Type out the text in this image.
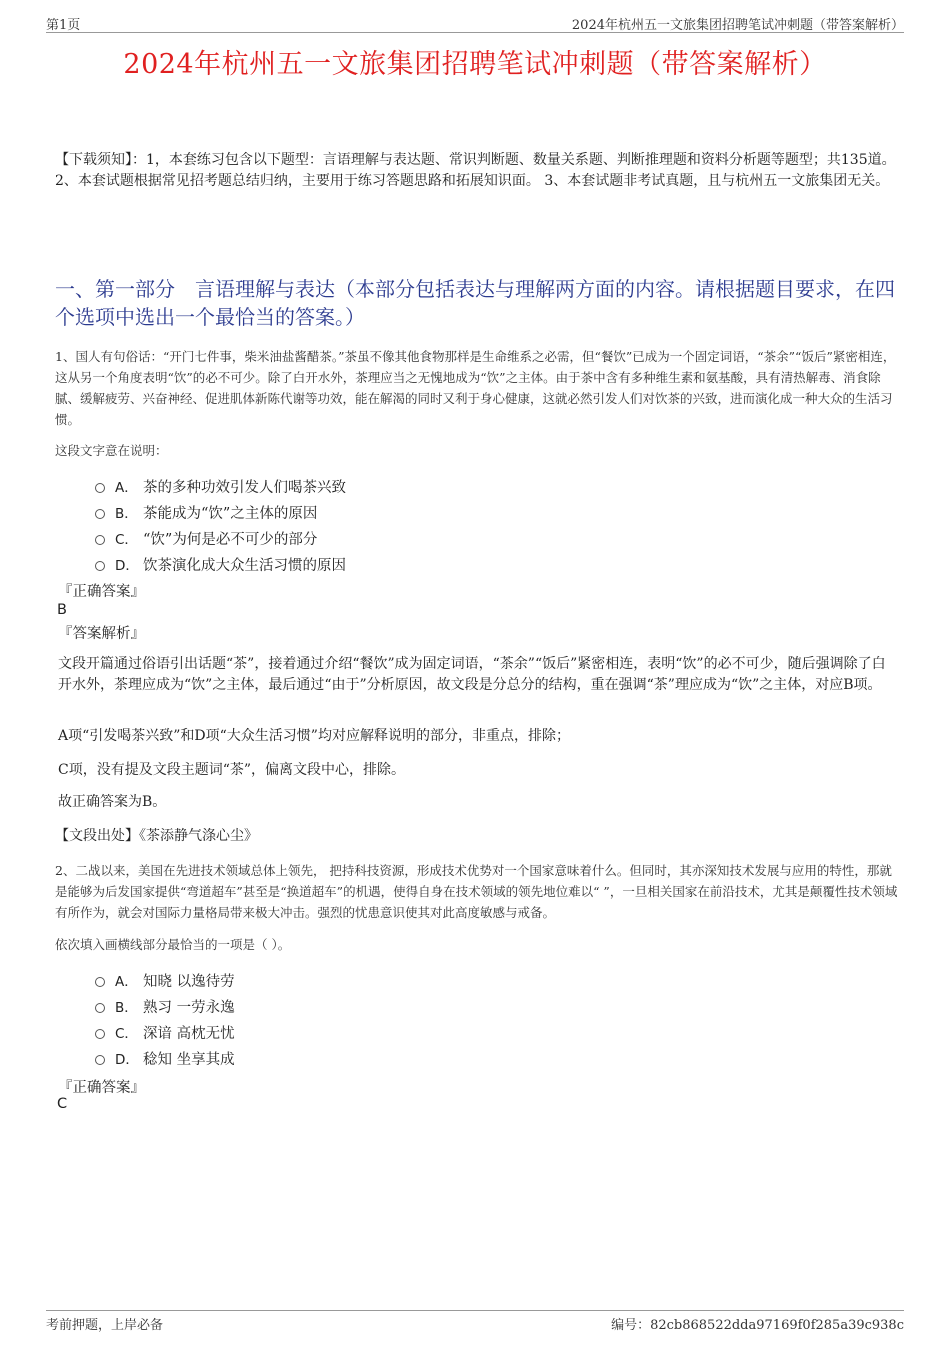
第1页	2024年杭州五一文旅集团招聘笔试冲刺题（带答案解析）
2024年杭州五一文旅集团招聘笔试冲刺题（带答案解析）
【下载须知】：1，本套练习包含以下题型：言语理解与表达题、常识判断题、数量关系题、判断推理题和资料分析题等题型；共135道。 2、本套试题根据常见招考题总结归纳，主要用于练习答题思路和拓展知识面。 3、本套试题非考试真题，且与杭州五一文旅集团无关。
一、第一部分　言语理解与表达（本部分包括表达与理解两方面的内容。请根据题目要求，在四个选项中选出一个最恰当的答案。）
1、国人有句俗话：“开门七件事，柴米油盐酱醋茶。”茶虽不像其他食物那样是生命维系之必需，但“餐饮”已成为一个固定词语，“茶余”“饭后”紧密相连，这从另一个角度表明“饮”的必不可少。除了白开水外，茶理应当之无愧地成为“饮”之主体。由于茶中含有多种维生素和氨基酸，具有清热解毒、消食除腻、缓解疲劳、兴奋神经、促进肌体新陈代谢等功效，能在解渴的同时又利于身心健康，这就必然引发人们对饮茶的兴致，进而演化成一种大众的生活习惯。
这段文字意在说明：
A． 茶的多种功效引发人们喝茶兴致
B． 茶能成为“饮”之主体的原因
C． “饮”为何是必不可少的部分
D． 饮茶演化成大众生活习惯的原因
『正确答案』
B
『答案解析』
文段开篇通过俗语引出话题“茶”，接着通过介绍“餐饮”成为固定词语，“茶余”“饭后”紧密相连，表明“饮”的必不可少，随后强调除了白开水外，茶理应成为“饮”之主体，最后通过“由于”分析原因，故文段是分总分的结构，重在强调“茶”理应成为“饮”之主体，对应B项。
A项“引发喝茶兴致”和D项“大众生活习惯”均对应解释说明的部分，非重点，排除；
C项，没有提及文段主题词“茶”，偏离文段中心，排除。
故正确答案为B。
【文段出处】《茶添静气涤心尘》
2、二战以来，美国在先进技术领域总体上领先， 把持科技资源，形成技术优势对一个国家意味着什么。但同时，其亦深知技术发展与应用的特性，那就是能够为后发国家提供“弯道超车”甚至是“换道超车”的机遇，使得自身在技术领域的领先地位难以“ ”，一旦相关国家在前沿技术，尤其是颠覆性技术领域有所作为，就会对国际力量格局带来极大冲击。强烈的忧患意识使其对此高度敏感与戒备。
依次填入画横线部分最恰当的一项是（ ）。
A． 知晓 以逸待劳
B． 熟习 一劳永逸
C． 深谙 高枕无忧
D． 稔知 坐享其成
『正确答案』
C
考前押题，上岸必备	编号：82cb868522dda97169f0f285a39c938c
